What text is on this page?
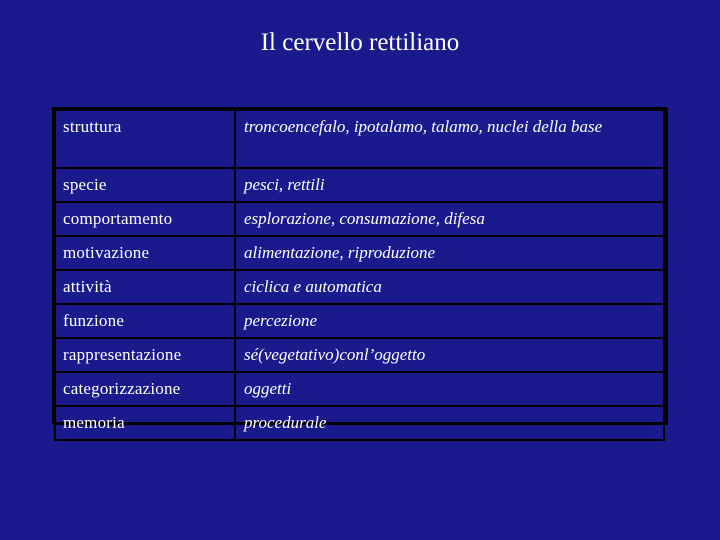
Il cervello rettiliano
struttura	troncoencefalo, ipotalamo, talamo, nuclei della base
specie	pesci, rettili
comportamento	esplorazione, consumazione, difesa
motivazione	alimentazione, riproduzione
attività	ciclica e automatica
funzione	percezione
rappresentazione	sé(vegetativo)conl’oggetto
categorizzazione	oggetti
memoria	procedurale
